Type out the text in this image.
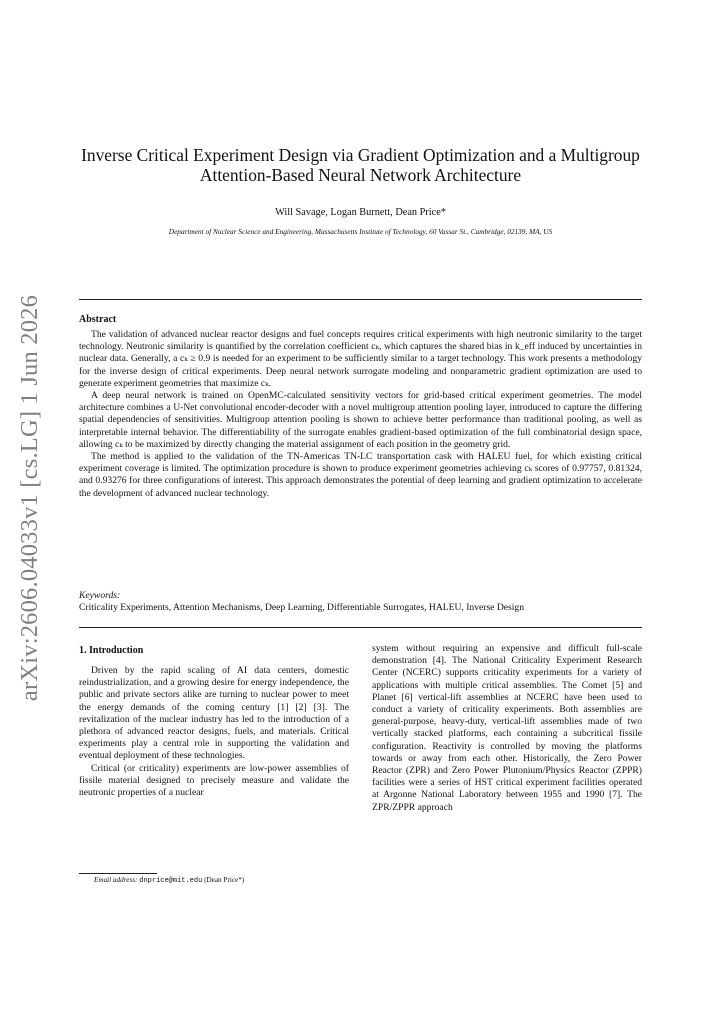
arXiv:2606.04033v1 [cs.LG] 1 Jun 2026
Inverse Critical Experiment Design via Gradient Optimization and a Multigroup Attention-Based Neural Network Architecture
Will Savage, Logan Burnett, Dean Price*
Department of Nuclear Science and Engineering, Massachusetts Institute of Technology, 60 Vassar St., Cambridge, 02139, MA, US
Abstract

The validation of advanced nuclear reactor designs and fuel concepts requires critical experiments with high neutronic similarity to the target technology. Neutronic similarity is quantified by the correlation coefficient cₖ, which captures the shared bias in k_eff induced by uncertainties in nuclear data. Generally, a cₖ ≥ 0.9 is needed for an experiment to be sufficiently similar to a target technology. This work presents a methodology for the inverse design of critical experiments. Deep neural network surrogate modeling and nonparametric gradient optimization are used to generate experiment geometries that maximize cₖ.

A deep neural network is trained on OpenMC-calculated sensitivity vectors for grid-based critical experiment geometries. The model architecture combines a U-Net convolutional encoder-decoder with a novel multigroup attention pooling layer, introduced to capture the differing spatial dependencies of sensitivities. Multigroup attention pooling is shown to achieve better performance than traditional pooling, as well as interpretable internal behavior. The differentiability of the surrogate enables gradient-based optimization of the full combinatorial design space, allowing cₖ to be maximized by directly changing the material assignment of each position in the geometry grid.

The method is applied to the validation of the TN-Americas TN-LC transportation cask with HALEU fuel, for which existing critical experiment coverage is limited. The optimization procedure is shown to produce experiment geometries achieving cₖ scores of 0.97757, 0.81324, and 0.93276 for three configurations of interest. This approach demonstrates the potential of deep learning and gradient optimization to accelerate the development of advanced nuclear technology.

Keywords:
Criticality Experiments, Attention Mechanisms, Deep Learning, Differentiable Surrogates, HALEU, Inverse Design
1. Introduction

Driven by the rapid scaling of AI data centers, domestic reindustrialization, and a growing desire for energy independence, the public and private sectors alike are turning to nuclear power to meet the energy demands of the coming century [1] [2] [3]. The revitalization of the nuclear industry has led to the introduction of a plethora of advanced reactor designs, fuels, and materials. Critical experiments play a central role in supporting the validation and eventual deployment of these technologies.

Critical (or criticality) experiments are low-power assemblies of fissile material designed to precisely measure and validate the neutronic properties of a nuclear

system without requiring an expensive and difficult full-scale demonstration [4]. The National Criticality Experiment Research Center (NCERC) supports criticality experiments for a variety of applications with multiple critical assemblies. The Comet [5] and Planet [6] vertical-lift assemblies at NCERC have been used to conduct a variety of criticality experiments. Both assemblies are general-purpose, heavy-duty, vertical-lift assemblies made of two vertically stacked platforms, each containing a subcritical fissile configuration. Reactivity is controlled by moving the platforms towards or away from each other. Historically, the Zero Power Reactor (ZPR) and Zero Power Plutonium/Physics Reactor (ZPPR) facilities were a series of HST critical experiment facilities operated at Argonne National Laboratory between 1955 and 1990 [7]. The ZPR/ZPPR approach

Email address: dnprice@mit.edu (Dean Price*)
